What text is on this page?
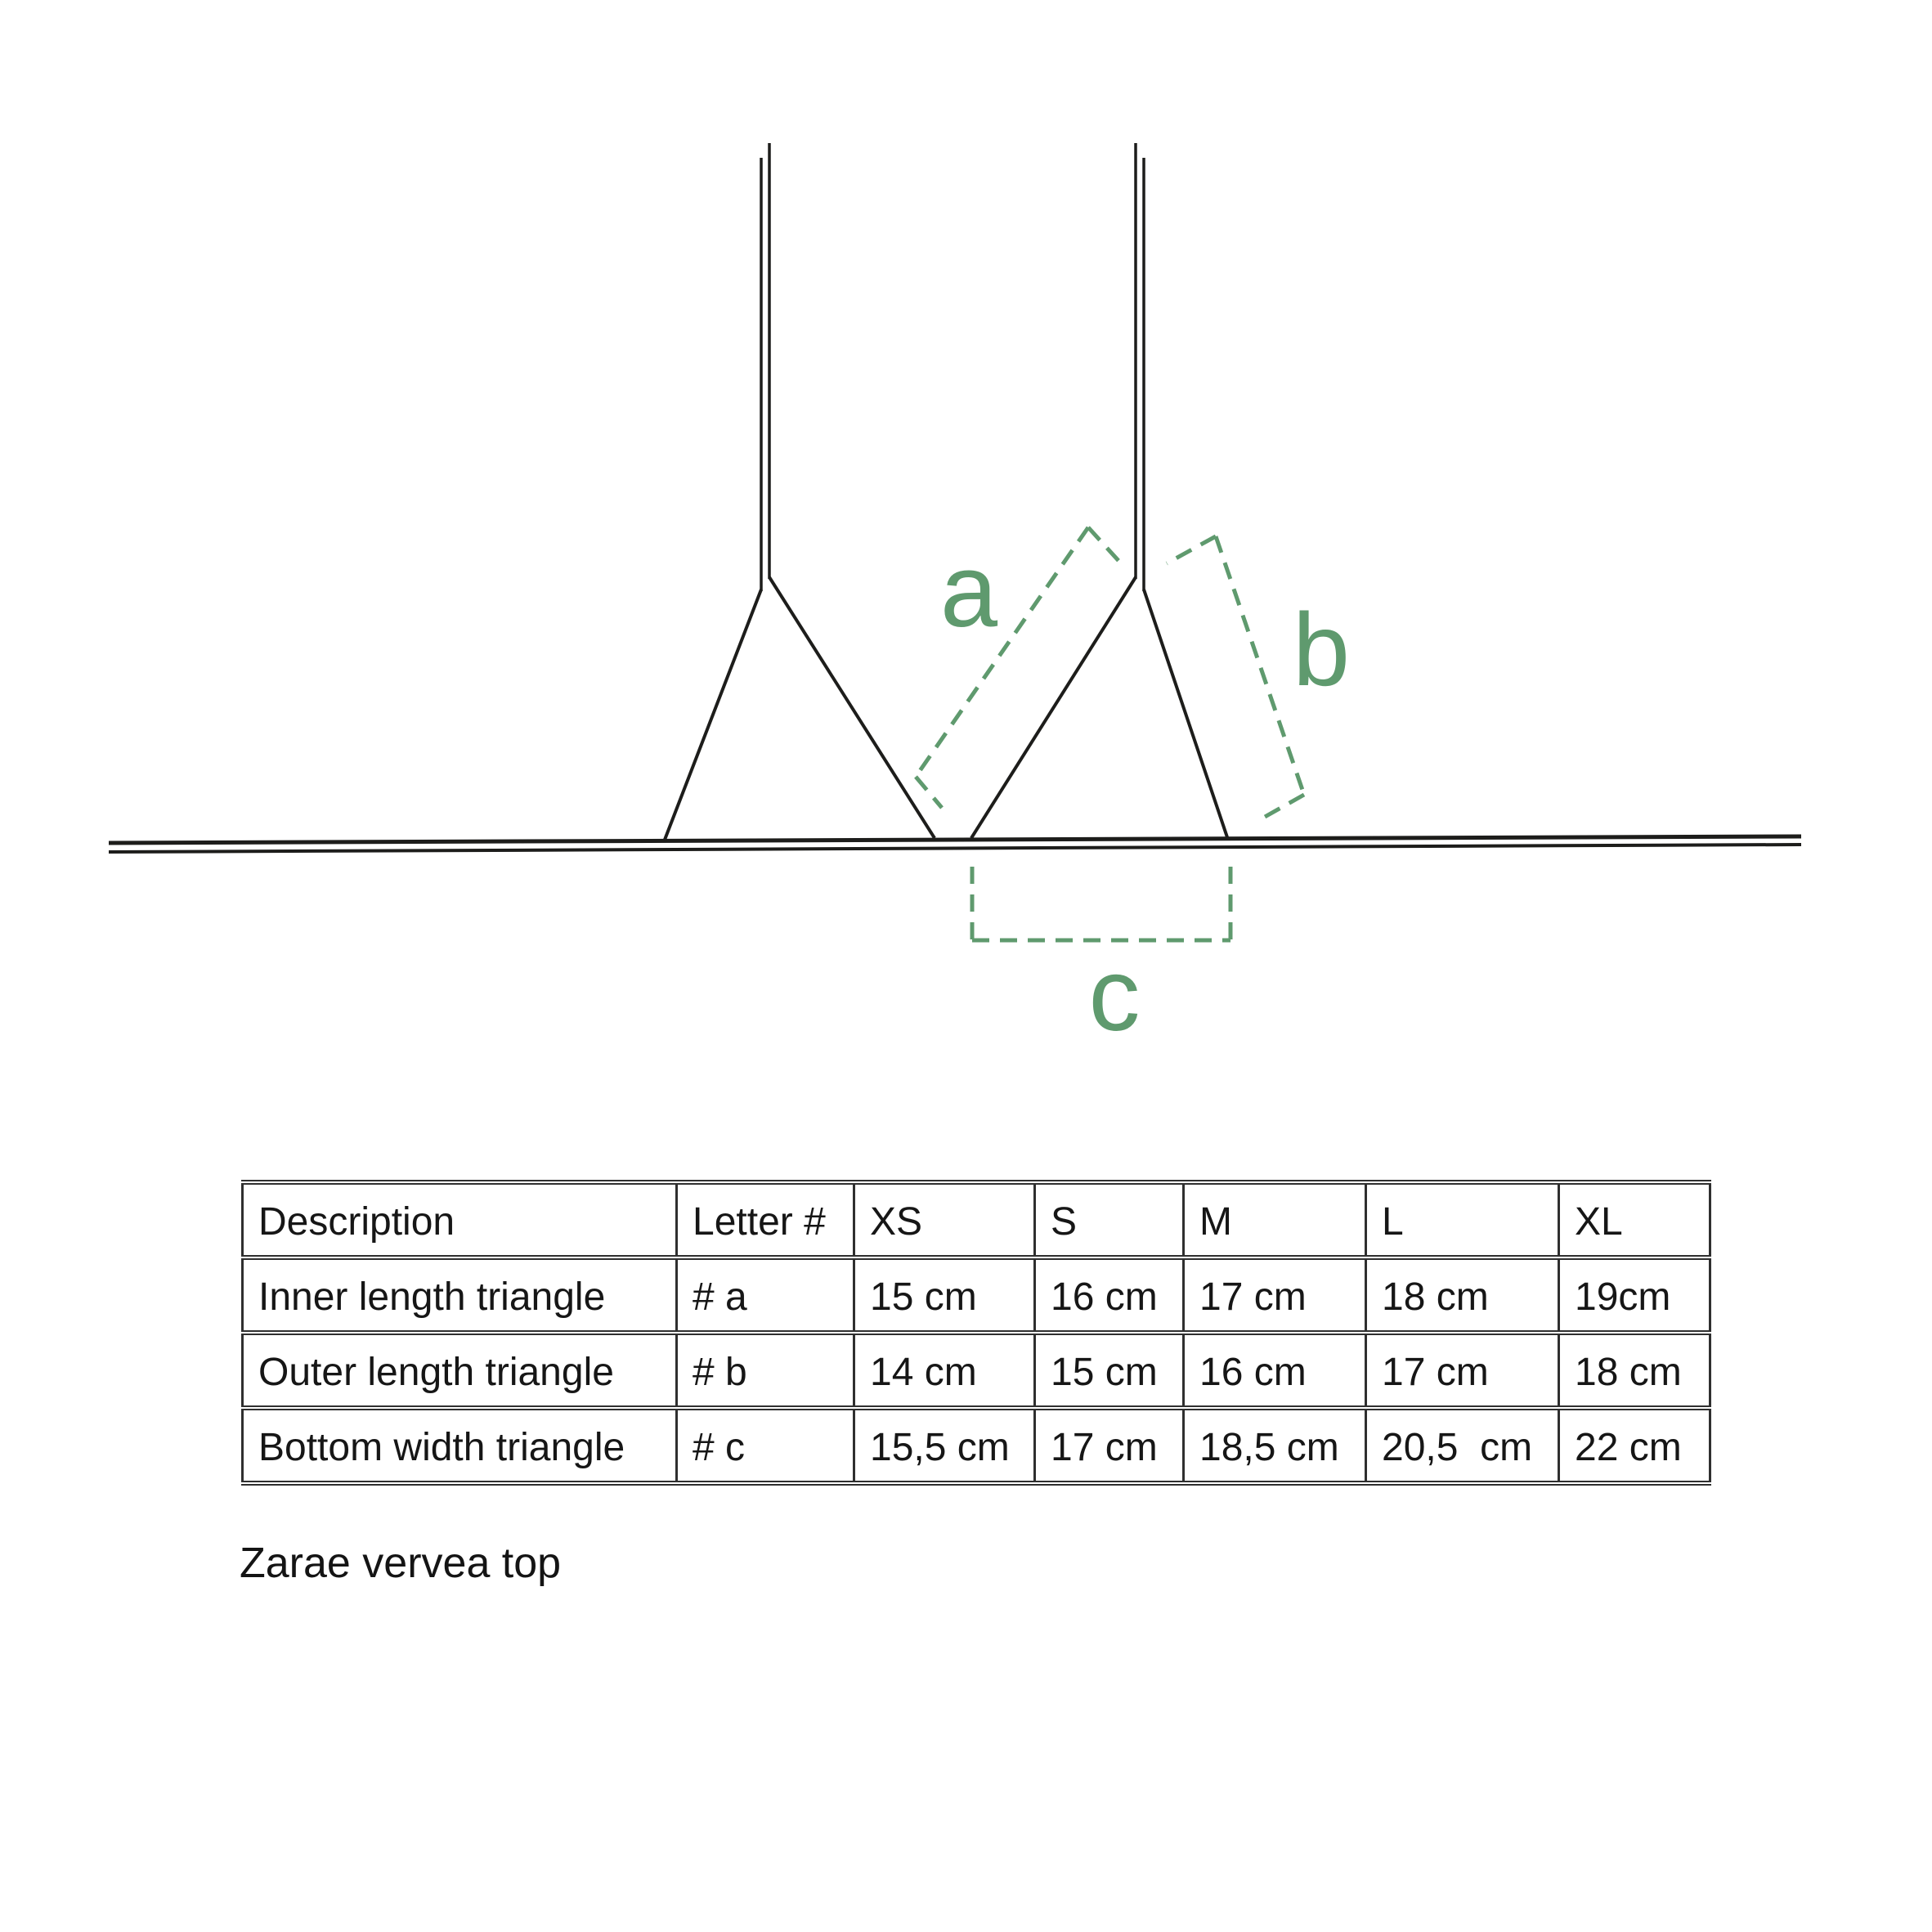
a
b
c
Description	Letter #	XS	S	M	L	XL
Inner length triangle	# a	15 cm	16 cm	17 cm	18 cm	19cm
Outer length triangle	# b	14 cm	15 cm	16 cm	17 cm	18 cm
Bottom width triangle	# c	15,5 cm	17 cm	18,5 cm	20,5  cm	22 cm
Zarae vervea top
